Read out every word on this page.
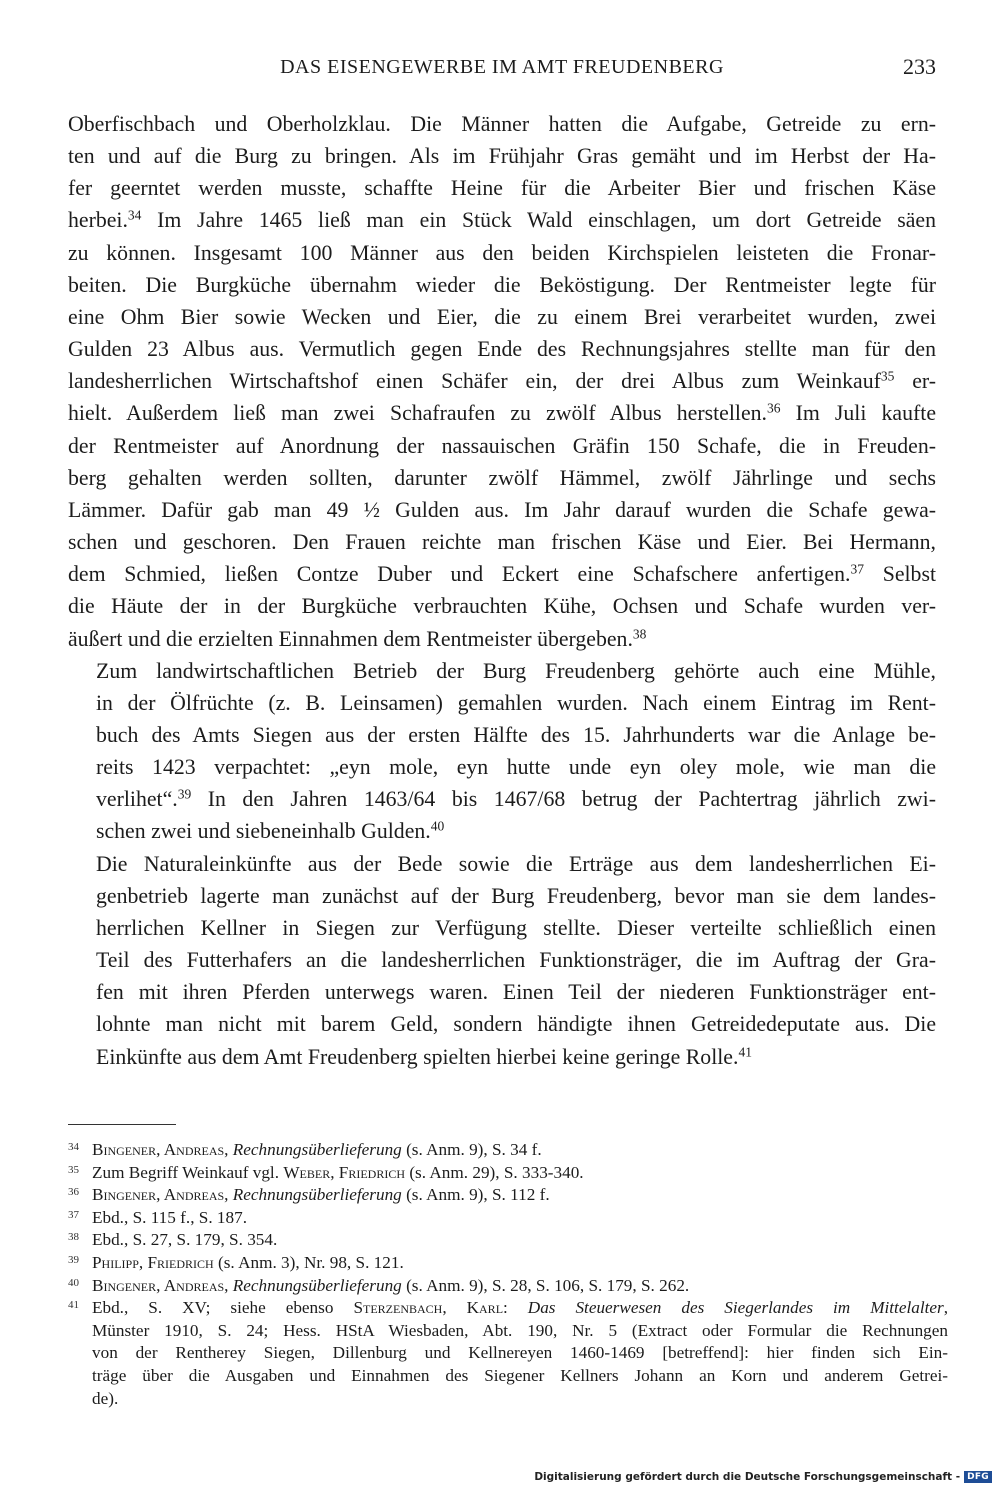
DAS EISENGEWERBE IM AMT FREUDENBERG	233

Oberfischbach und Oberholzklau. Die Männer hatten die Aufgabe, Getreide zu ern-
ten und auf die Burg zu bringen. Als im Frühjahr Gras gemäht und im Herbst der Ha-
fer geerntet werden musste, schaffte Heine für die Arbeiter Bier und frischen Käse
herbei.$^{34}$ Im Jahre 1465 ließ man ein Stück Wald einschlagen, um dort Getreide säen
zu können. Insgesamt 100 Männer aus den beiden Kirchspielen leisteten die Fronar-
beiten. Die Burgküche übernahm wieder die Beköstigung. Der Rentmeister legte für
eine Ohm Bier sowie Wecken und Eier, die zu einem Brei verarbeitet wurden, zwei
Gulden 23 Albus aus. Vermutlich gegen Ende des Rechnungsjahres stellte man für den
landesherrlichen Wirtschaftshof einen Schäfer ein, der drei Albus zum Weinkauf$^{35}$ er-
hielt. Außerdem ließ man zwei Schafraufen zu zwölf Albus herstellen.$^{36}$ Im Juli kaufte
der Rentmeister auf Anordnung der nassauischen Gräfin 150 Schafe, die in Freuden-
berg gehalten werden sollten, darunter zwölf Hämmel, zwölf Jährlinge und sechs
Lämmer. Dafür gab man 49 ½ Gulden aus. Im Jahr darauf wurden die Schafe gewa-
schen und geschoren. Den Frauen reichte man frischen Käse und Eier. Bei Hermann,
dem Schmied, ließen Contze Duber und Eckert eine Schafschere anfertigen.$^{37}$ Selbst
die Häute der in der Burgküche verbrauchten Kühe, Ochsen und Schafe wurden ver-
äußert und die erzielten Einnahmen dem Rentmeister übergeben.$^{38}$

Zum landwirtschaftlichen Betrieb der Burg Freudenberg gehörte auch eine Mühle,
in der Ölfrüchte (z. B. Leinsamen) gemahlen wurden. Nach einem Eintrag im Rent-
buch des Amts Siegen aus der ersten Hälfte des 15. Jahrhunderts war die Anlage be-
reits 1423 verpachtet: „eyn mole, eyn hutte unde eyn oley mole, wie man die
verlihet“.$^{39}$ In den Jahren 1463/64 bis 1467/68 betrug der Pachtertrag jährlich zwi-
schen zwei und siebeneinhalb Gulden.$^{40}$

Die Naturaleinkünfte aus der Bede sowie die Erträge aus dem landesherrlichen Ei-
genbetrieb lagerte man zunächst auf der Burg Freudenberg, bevor man sie dem landes-
herrlichen Kellner in Siegen zur Verfügung stellte. Dieser verteilte schließlich einen
Teil des Futterhafers an die landesherrlichen Funktionsträger, die im Auftrag der Gra-
fen mit ihren Pferden unterwegs waren. Einen Teil der niederen Funktionsträger ent-
lohnte man nicht mit barem Geld, sondern händigte ihnen Getreidedeputate aus. Die
Einkünfte aus dem Amt Freudenberg spielten hierbei keine geringe Rolle.$^{41}$

34 Bingener, Andreas, Rechnungsüberlieferung (s. Anm. 9), S. 34 f.
35 Zum Begriff Weinkauf vgl. Weber, Friedrich (s. Anm. 29), S. 333-340.
36 Bingener, Andreas, Rechnungsüberlieferung (s. Anm. 9), S. 112 f.
37 Ebd., S. 115 f., S. 187.
38 Ebd., S. 27, S. 179, S. 354.
39 Philipp, Friedrich (s. Anm. 3), Nr. 98, S. 121.
40 Bingener, Andreas, Rechnungsüberlieferung (s. Anm. 9), S. 28, S. 106, S. 179, S. 262.
41 Ebd., S. XV; siehe ebenso Sterzenbach, Karl: Das Steuerwesen des Siegerlandes im Mittelalter,
Münster 1910, S. 24; Hess. HStA Wiesbaden, Abt. 190, Nr. 5 (Extract oder Formular die Rechnungen
von der Rentherey Siegen, Dillenburg und Kellnereyen 1460-1469 [betreffend]: hier finden sich Ein-
träge über die Ausgaben und Einnahmen des Siegener Kellners Johann an Korn und anderem Getrei-
de).
Digitalisierung gefördert durch die Deutsche Forschungsgemeinschaft - DFG
